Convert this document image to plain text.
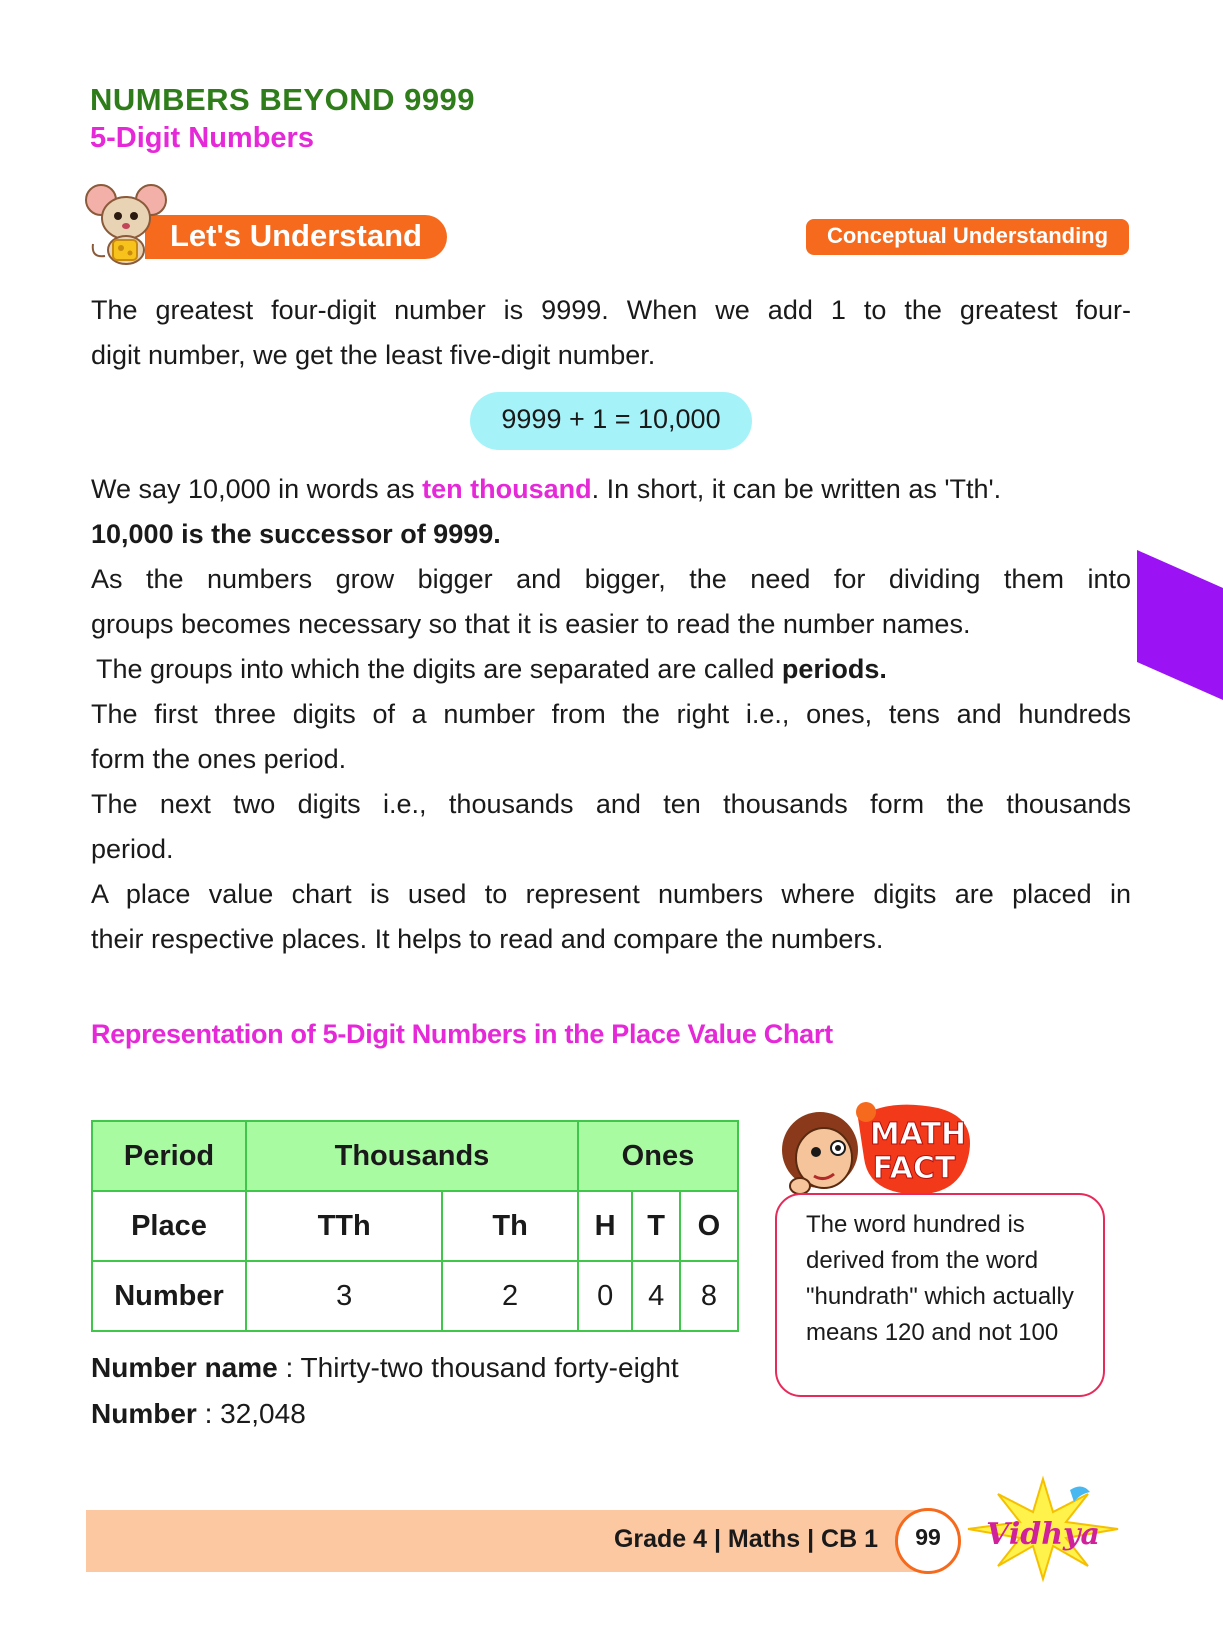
NUMBERS BEYOND 9999
5-Digit Numbers
Let's Understand	Conceptual Understanding
The greatest four-digit number is 9999. When we add 1 to the greatest four-
digit number, we get the least five-digit number.
9999 + 1 = 10,000
We say 10,000 in words as ten thousand. In short, it can be written as 'Tth'.
10,000 is the successor of 9999.
As the numbers grow bigger and bigger, the need for dividing them into
groups becomes necessary so that it is easier to read the number names.
The groups into which the digits are separated are called periods.
The first three digits of a number from the right i.e., ones, tens and hundreds
form the ones period.
The next two digits i.e., thousands and ten thousands form the thousands
period.
A place value chart is used to represent numbers where digits are placed in
their respective places. It helps to read and compare the numbers.
Representation of 5-Digit Numbers in the Place Value Chart
Period	Thousands		Ones		
Place	TTh	Th	H	T	O
Number	3	2	0	4	8
Number name : Thirty-two thousand forty-eight
Number : 32,048
MATH
FACT
The word hundred is derived from the word "hundrath" which actually means 120 and not 100
Grade 4 | Maths | CB 1	99	Vidhya
